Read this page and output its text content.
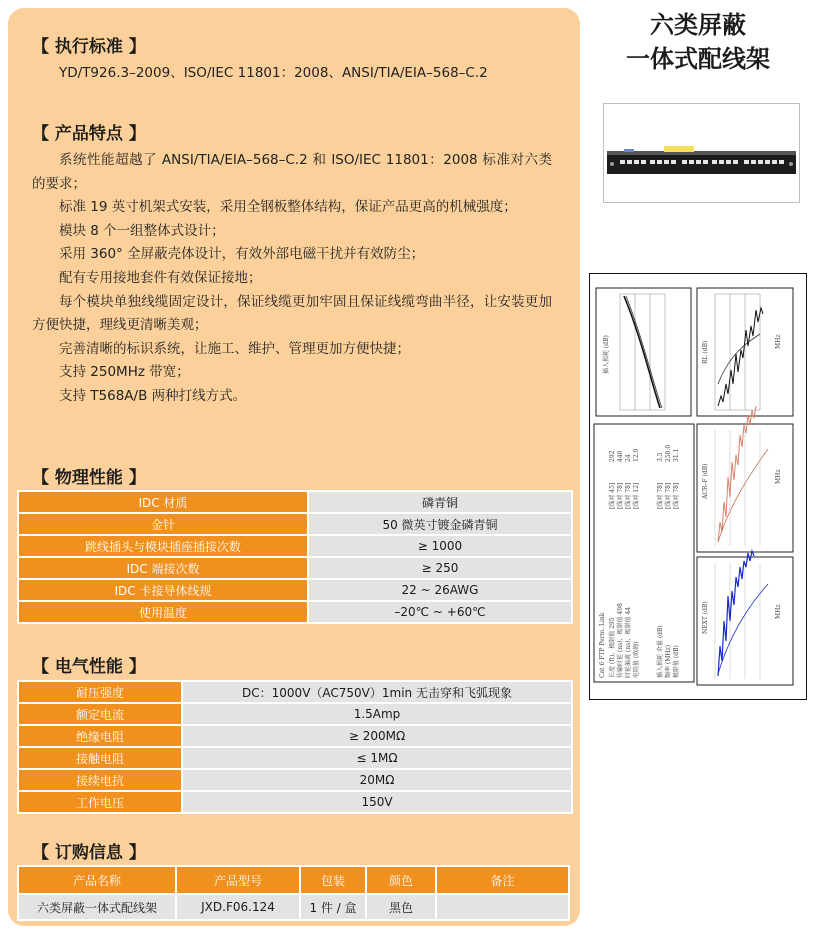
【 执行标准 】

YD/T926.3–2009、ISO/IEC 11801：2008、ANSI/TIA/EIA–568–C.2

【 产品特点 】

系统性能超越了 ANSI/TIA/EIA–568–C.2 和 ISO/IEC 11801：2008 标准对六类的要求；

标准 19 英寸机架式安装，采用全钢板整体结构，保证产品更高的机械强度；

模块 8 个一组整体式设计；

采用 360° 全屏蔽壳体设计，有效外部电磁干扰并有效防尘；

配有专用接地套件有效保证接地；

每个模块单独线缆固定设计，保证线缆更加牢固且保证线缆弯曲半径，让安装更加方便快捷，理线更清晰美观；

完善清晰的标识系统，让施工、维护、管理更加方便快捷；

支持 250MHz 带宽；

支持 T568A/B 两种打线方式。

【 物理性能 】
IDC 材质	磷青铜
金针	50 微英寸镀金磷青铜
跳线插头与模块插座插接次数	≥ 1000
IDC 端接次数	≥ 250
IDC 卡接导体线规	22 ~ 26AWG
使用温度	–20℃ ~ +60℃
【 电气性能 】
耐压强度	DC：1000V（AC750V）1min 无击穿和飞弧现象
额定电流	1.5Amp
绝缘电阻	≥ 200MΩ
接触电阻	≤ 1MΩ
接续电抗	20MΩ
工作电压	150V
【 订购信息 】
产品名称	产品型号	包装	颜色	备注
六类屏蔽一体式配线架	JXD.F06.124	1 件 / 盒	黑色	
六类屏蔽
一体式配线架
插入损耗 (dB)	RL (dB)	MHz
ACR–F (dB)	MHz
NEXT (dB)	MHz
Cat 6 FTP Perm. Link 长度 (ft)，极限值 295 传输时延 (ns)，极限值 498 时延偏离 (ns)，极限值 44 电阻值 (欧姆)
[线对 45] [线对 78] [线对 78] [线对 12]
292 440 24 12.9
插入损耗 余量 (dB) 频率 (MHz) 极限值 (dB)
[线对 78] [线对 78] [线对 78]
3.5 250.0 31.1
